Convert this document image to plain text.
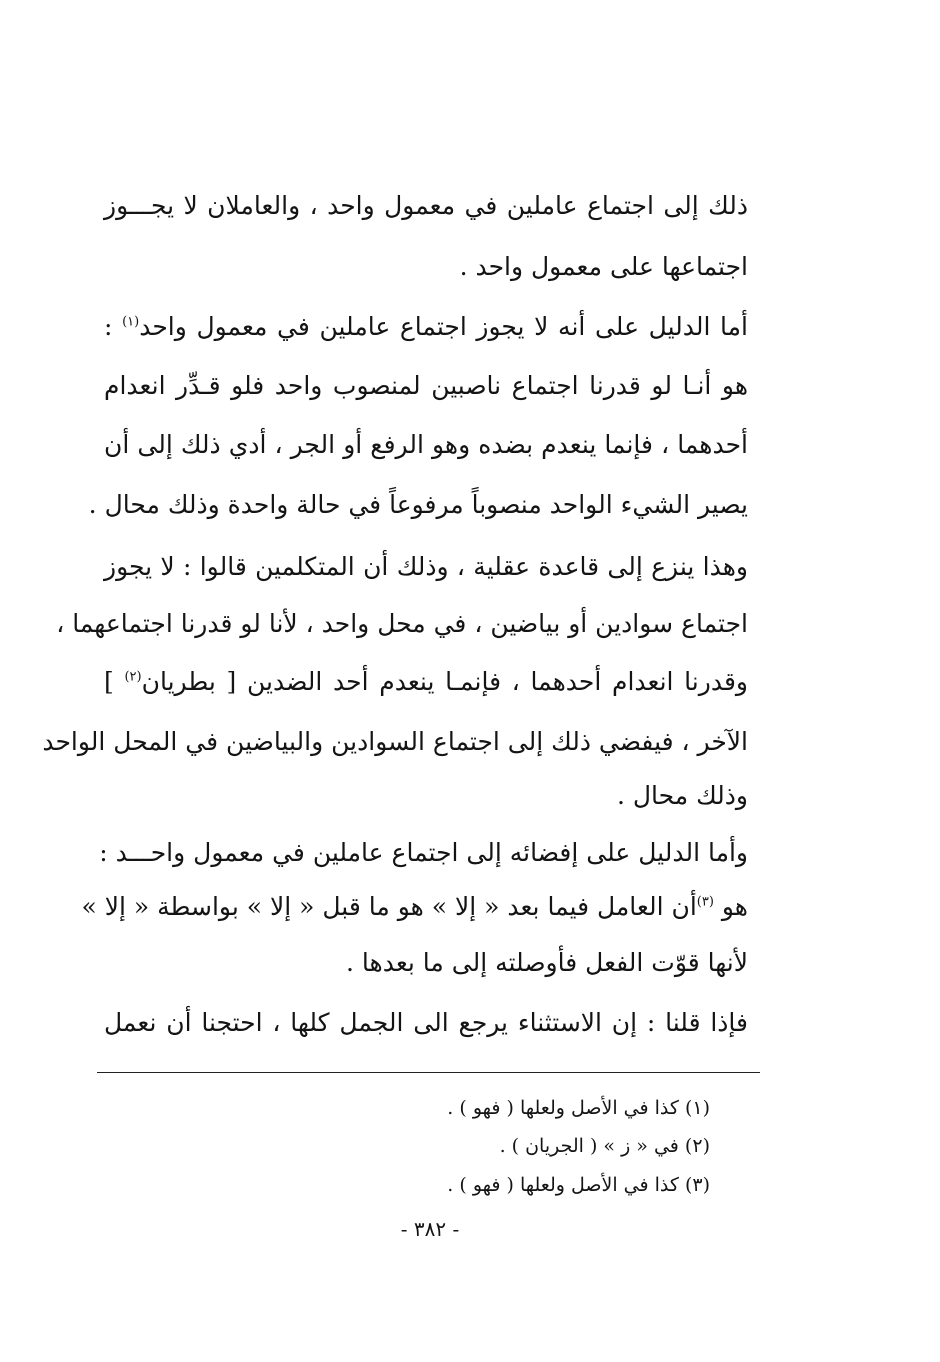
ذلك إلى اجتماع عاملين في معمول واحد ، والعاملان لا يجـــوز
اجتماعها على معمول واحد .
أما الدليل على أنه لا يجوز اجتماع عاملين في معمول واحد$^{(١)}$ :
هو أنـا لو قدرنا اجتماع ناصبين لمنصوب واحد فلو قـدِّر انعدام
أحدهما ، فإنما ينعدم بضده وهو الرفع أو الجر ، أدي ذلك إلى أن
يصير الشيء الواحد منصوباً مرفوعاً في حالة واحدة وذلك محال .
وهذا ينزع إلى قاعدة عقلية ، وذلك أن المتكلمين قالوا : لا يجوز
اجتماع سوادين أو بياضين ، في محل واحد ، لأنا لو قدرنا اجتماعهما ،
وقدرنا انعدام أحدهما ، فإنمـا ينعدم أحد الضدين [ بطريان$^{(٢)}$ ]
الآخر ، فيفضي ذلك إلى اجتماع السوادين والبياضين في المحل الواحد
وذلك محال .
وأما الدليل على إفضائه إلى اجتماع عاملين في معمول واحـــد :
هو $^{(٣)}$أن العامل فيما بعد « إلا » هو ما قبل « إلا » بواسطة « إلا »
لأنها قوّت الفعل فأوصلته إلى ما بعدها .
فإذا قلنا : إن الاستثناء يرجع الى الجمل كلها ، احتجنا أن نعمل
(١) كذا في الأصل ولعلها ( فهو ) .
(٢) في « ز » ( الجريان ) .
(٣) كذا في الأصل ولعلها ( فهو ) .
- ٣٨٢ -
